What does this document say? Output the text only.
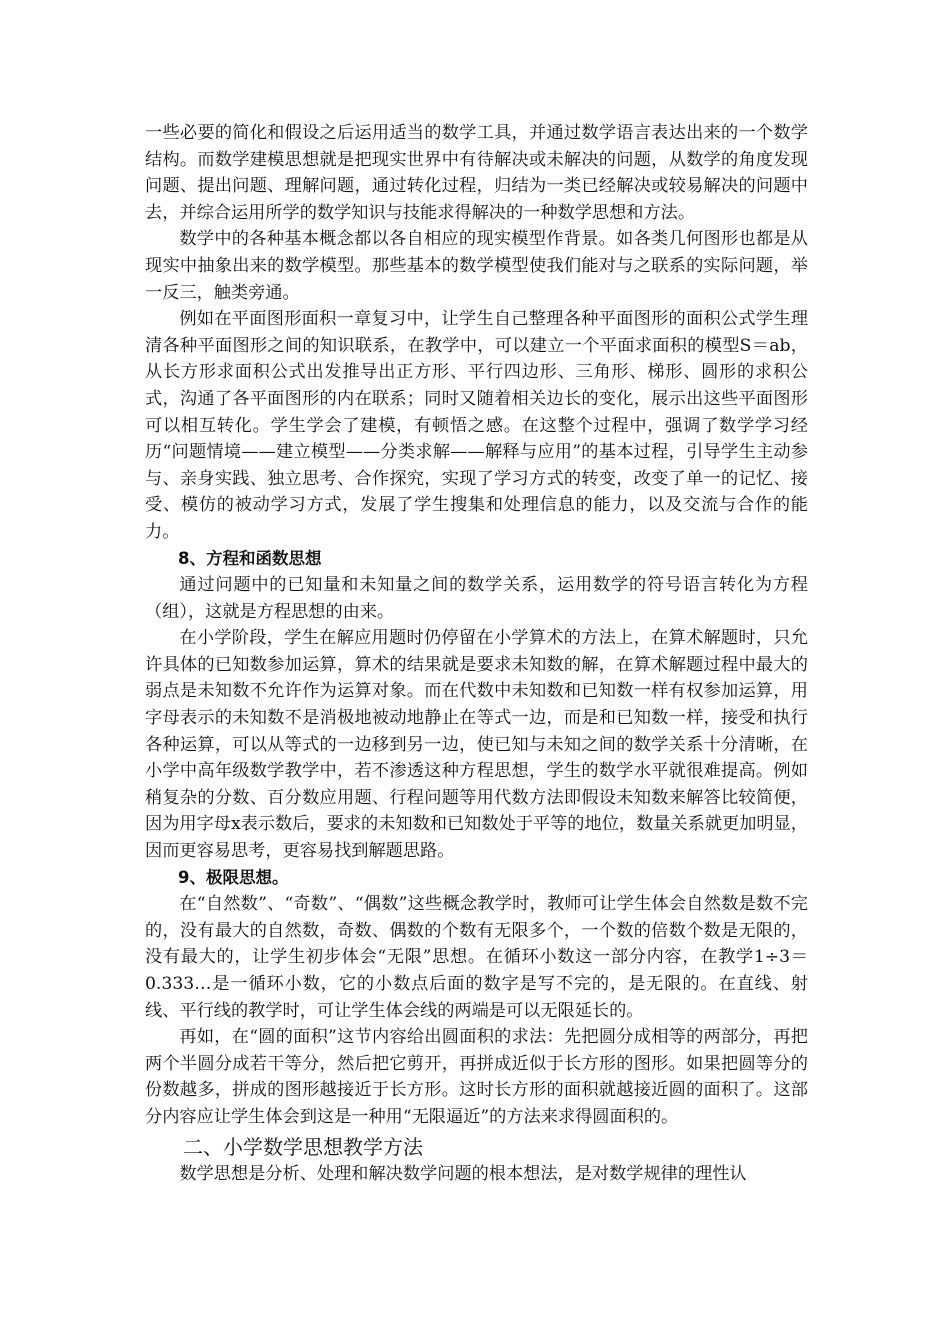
一些必要的简化和假设之后运用适当的数学工具，并通过数学语言表达出来的一个数学结构。而数学建模思想就是把现实世界中有待解决或未解决的问题，从数学的角度发现问题、提出问题、理解问题，通过转化过程，归结为一类已经解决或较易解决的问题中去，并综合运用所学的数学知识与技能求得解决的一种数学思想和方法。

数学中的各种基本概念都以各自相应的现实模型作背景。如各类几何图形也都是从现实中抽象出来的数学模型。那些基本的数学模型使我们能对与之联系的实际问题，举一反三，触类旁通。

例如在平面图形面积一章复习中，让学生自己整理各种平面图形的面积公式学生理清各种平面图形之间的知识联系，在教学中，可以建立一个平面求面积的模型S＝ab，从长方形求面积公式出发推导出正方形、平行四边形、三角形、梯形、圆形的求积公式，沟通了各平面图形的内在联系；同时又随着相关边长的变化，展示出这些平面图形可以相互转化。学生学会了建模，有顿悟之感。在这整个过程中，强调了数学学习经历“问题情境——建立模型——分类求解——解释与应用”的基本过程，引导学生主动参与、亲身实践、独立思考、合作探究，实现了学习方式的转变，改变了单一的记忆、接受、模仿的被动学习方式，发展了学生搜集和处理信息的能力，以及交流与合作的能力。

8、方程和函数思想

通过问题中的已知量和未知量之间的数学关系，运用数学的符号语言转化为方程（组），这就是方程思想的由来。

在小学阶段，学生在解应用题时仍停留在小学算术的方法上，在算术解题时，只允许具体的已知数参加运算，算术的结果就是要求未知数的解，在算术解题过程中最大的弱点是未知数不允许作为运算对象。而在代数中未知数和已知数一样有权参加运算，用字母表示的未知数不是消极地被动地静止在等式一边，而是和已知数一样，接受和执行各种运算，可以从等式的一边移到另一边，使已知与未知之间的数学关系十分清晰，在小学中高年级数学教学中，若不渗透这种方程思想，学生的数学水平就很难提高。例如稍复杂的分数、百分数应用题、行程问题等用代数方法即假设未知数来解答比较简便，因为用字母x表示数后，要求的未知数和已知数处于平等的地位，数量关系就更加明显，因而更容易思考，更容易找到解题思路。

9、极限思想。

在“自然数”、“奇数”、“偶数”这些概念教学时，教师可让学生体会自然数是数不完的，没有最大的自然数，奇数、偶数的个数有无限多个，一个数的倍数个数是无限的，没有最大的，让学生初步体会“无限”思想。在循环小数这一部分内容，在教学1÷3＝0.333…是一循环小数，它的小数点后面的数字是写不完的，是无限的。在直线、射线、平行线的教学时，可让学生体会线的两端是可以无限延长的。

再如，在“圆的面积”这节内容给出圆面积的求法：先把圆分成相等的两部分，再把两个半圆分成若干等分，然后把它剪开，再拼成近似于长方形的图形。如果把圆等分的份数越多，拼成的图形越接近于长方形。这时长方形的面积就越接近圆的面积了。这部分内容应让学生体会到这是一种用“无限逼近”的方法来求得圆面积的。

二、小学数学思想教学方法

数学思想是分析、处理和解决数学问题的根本想法，是对数学规律的理性认
